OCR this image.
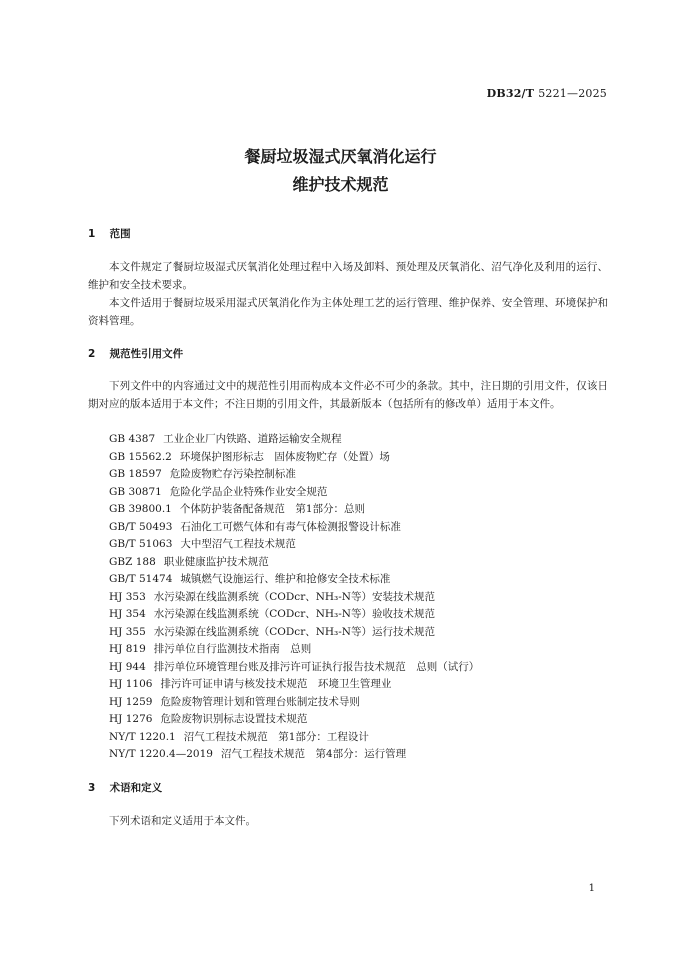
DB32/T 5221—2025
餐厨垃圾湿式厌氧消化运行
维护技术规范
1 范围

本文件规定了餐厨垃圾湿式厌氧消化处理过程中入场及卸料、预处理及厌氧消化、沼气净化及利用的运行、维护和安全技术要求。

本文件适用于餐厨垃圾采用湿式厌氧消化作为主体处理工艺的运行管理、维护保养、安全管理、环境保护和资料管理。

2 规范性引用文件

下列文件中的内容通过文中的规范性引用而构成本文件必不可少的条款。其中，注日期的引用文件，仅该日期对应的版本适用于本文件；不注日期的引用文件，其最新版本（包括所有的修改单）适用于本文件。

GB 4387 工业企业厂内铁路、道路运输安全规程
GB 15562.2 环境保护图形标志　固体废物贮存（处置）场
GB 18597 危险废物贮存污染控制标准
GB 30871 危险化学品企业特殊作业安全规范
GB 39800.1 个体防护装备配备规范　第1部分：总则
GB/T 50493 石油化工可燃气体和有毒气体检测报警设计标准
GB/T 51063 大中型沼气工程技术规范
GBZ 188 职业健康监护技术规范
GB/T 51474 城镇燃气设施运行、维护和抢修安全技术标准
HJ 353 水污染源在线监测系统（CODcr、NH₃-N等）安装技术规范
HJ 354 水污染源在线监测系统（CODcr、NH₃-N等）验收技术规范
HJ 355 水污染源在线监测系统（CODcr、NH₃-N等）运行技术规范
HJ 819 排污单位自行监测技术指南　总则
HJ 944 排污单位环境管理台账及排污许可证执行报告技术规范　总则（试行）
HJ 1106 排污许可证申请与核发技术规范　环境卫生管理业
HJ 1259 危险废物管理计划和管理台账制定技术导则
HJ 1276 危险废物识别标志设置技术规范
NY/T 1220.1 沼气工程技术规范　第1部分：工程设计
NY/T 1220.4—2019 沼气工程技术规范　第4部分：运行管理
3 术语和定义

下列术语和定义适用于本文件。

1
